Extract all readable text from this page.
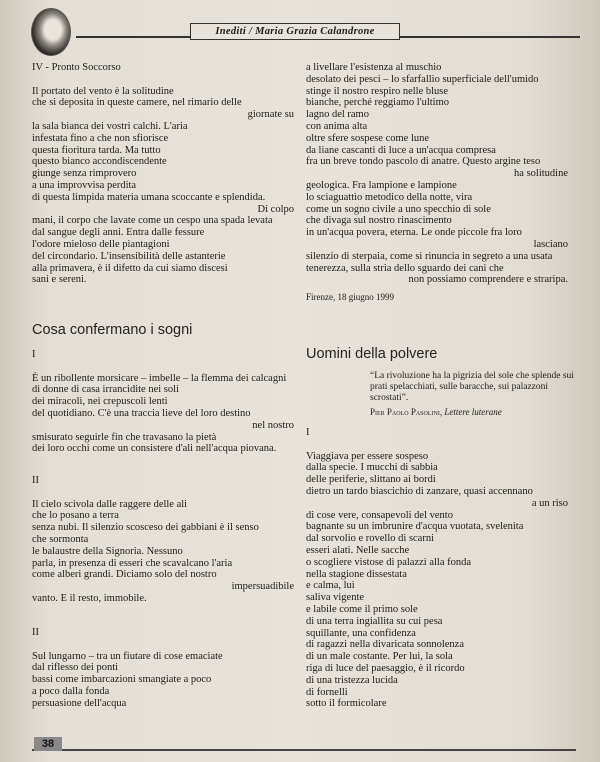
Inediti / Maria Grazia Calandrone
IV - Pronto Soccorso
Il portato del vento è la solitudine
che si deposita in queste camere, nel rimario delle
giornate su
la sala bianca dei vostri calchi. L'aria
infestata fino a che non sfiorisce
questa fioritura tarda. Ma tutto
questo bianco accondiscendente
giunge senza rimprovero
a una improvvisa perdita
di questa limpida materia umana scoccante e splendida.
Di colpo
mani, il corpo che lavate come un cespo una spada levata
dal sangue degli anni. Entra dalle fessure
l'odore mieloso delle piantagioni
del circondario. L'insensibilità delle astanterie
alla primavera, è il difetto da cui siamo discesi
sani e sereni.
a livellare l'esistenza al muschio
desolato dei pesci – lo sfarfallio superficiale dell'umido
stinge il nostro respiro nelle bluse
bianche, perché reggiamo l'ultimo
lagno del ramo
con anima alta
oltre sfere sospese come lune
da liane cascanti di luce a un'acqua compresa
fra un breve tondo pascolo di anatre. Questo argine teso
ha solitudine
geologica. Fra lampione e lampione
lo sciaguattìo metodico della notte, vira
come un sogno civile a uno specchio di sole
che divaga sul nostro rinascimento
in un'acqua povera, eterna. Le onde piccole fra loro
lasciano
silenzio di sterpaia, come si rinuncia in segreto a una usata
tenerezza, sulla stria dello sguardo dei cani che
non possiamo comprendere e straripa.
Firenze, 18 giugno 1999
Cosa confermano i sogni
I
È un ribollente morsicare – imbelle – la flemma dei calcagni
di donne di casa irrancidite nei soli
dei miracoli, nei crepuscoli lenti
del quotidiano. C'è una traccia lieve del loro destino
nel nostro
smisurato seguirle fin che travasano la pietà
dei loro occhi come un consistere d'ali nell'acqua piovana.
II
Il cielo scivola dalle raggere delle ali
che lo posano a terra
senza nubi. Il silenzio scosceso dei gabbiani è il senso
che sormonta
le balaustre della Signoria. Nessuno
parla, in presenza di esseri che scavalcano l'aria
come alberi grandi. Diciamo solo del nostro
impersuadibile
vanto. E il resto, immobile.
II
Sul lungarno – tra un fiutare di cose emaciate
dal riflesso dei ponti
bassi come imbarcazioni smangiate a poco
a poco dalla fonda
persuasione dell'acqua
Uomini della polvere
“La rivoluzione ha la pigrizia del sole che splende sui prati spelacchiati, sulle baracche, sui palazzoni scrostati”.
Pier Paolo Pasolini, Lettere luterane
I
Viaggiava per essere sospeso
dalla specie. I mucchi di sabbia
delle periferie, slittano ai bordi
dietro un tardo biascichio di zanzare, quasi accennano
a un riso
di cose vere, consapevoli del vento
bagnante su un imbrunire d'acqua vuotata, svelenita
dal sorvolio e rovello di scarni
esseri alati. Nelle sacche
o scogliere vistose di palazzi alla fonda
nella stagione dissestata
e calma, lui
saliva vigente
e labile come il primo sole
di una terra ingiallita su cui pesa
squillante, una confidenza
di ragazzi nella divaricata sonnolenza
di un male costante. Per lui, la sola
riga di luce del paesaggio, è il ricordo
di una tristezza lucida
di fornelli
sotto il formicolare
38
